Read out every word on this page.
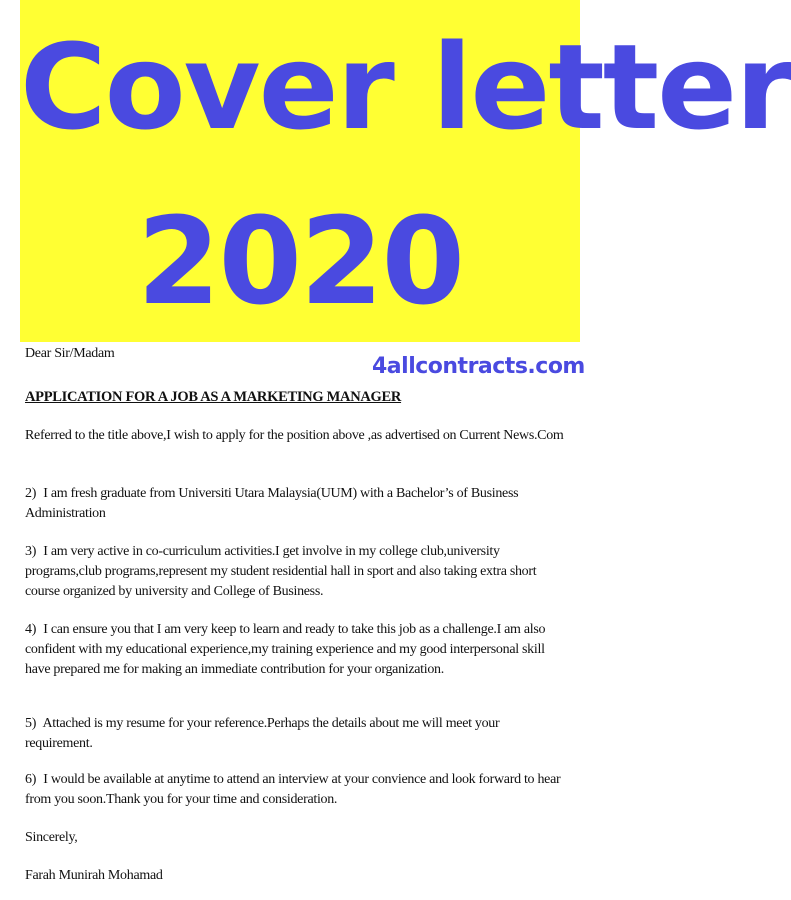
Cover letter
2020
4allcontracts.com
Dear Sir/Madam
APPLICATION FOR A JOB AS A MARKETING MANAGER
Referred to the title above,I wish to apply for the position above ,as advertised on Current News.Com
2) I am fresh graduate from Universiti Utara Malaysia(UUM) with a Bachelor’s of Business Administration
3) I am very active in co-curriculum activities.I get involve in my college club,university programs,club programs,represent my student residential hall in sport and also taking extra short course organized by university and College of Business.
4) I can ensure you that I am very keep to learn and ready to take this job as a challenge.I am also confident with my educational experience,my training experience and my good interpersonal skill have prepared me for making an immediate contribution for your organization.
5) Attached is my resume for your reference.Perhaps the details about me will meet your requirement.
6) I would be available at anytime to attend an interview at your convience and look forward to hear from you soon.Thank you for your time and consideration.
Sincerely,
Farah Munirah Mohamad
